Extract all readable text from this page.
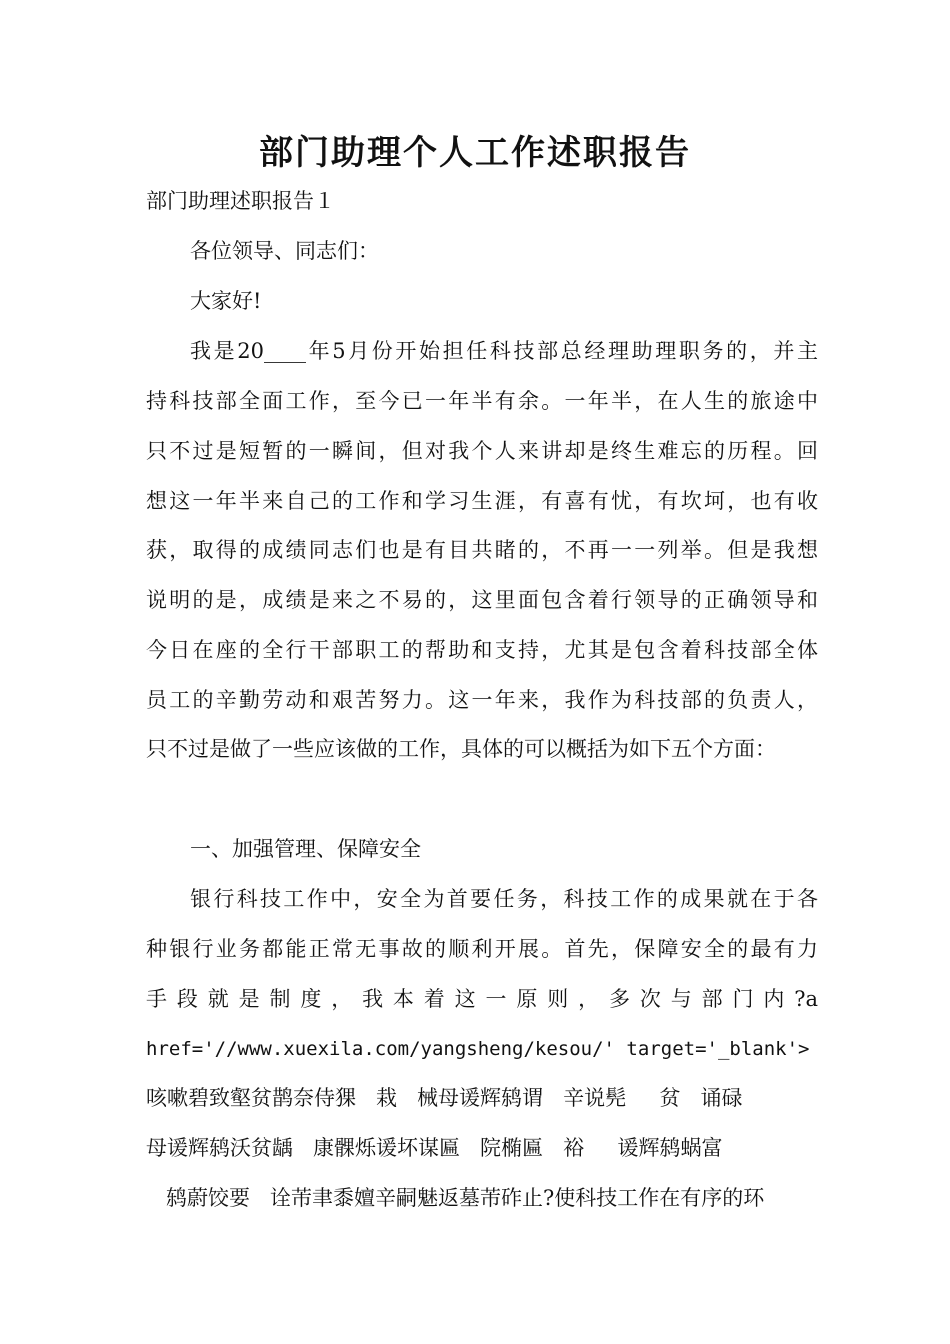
部门助理个人工作述职报告
部门助理述职报告１
各位领导、同志们：
大家好!
我是20____年5月份开始担任科技部总经理助理职务的，并主
持科技部全面工作，至今已一年半有余。一年半，在人生的旅途中
只不过是短暂的一瞬间，但对我个人来讲却是终生难忘的历程。回
想这一年半来自己的工作和学习生涯，有喜有忧，有坎坷，也有收
获，取得的成绩同志们也是有目共睹的，不再一一列举。但是我想
说明的是，成绩是来之不易的，这里面包含着行领导的正确领导和
今日在座的全行干部职工的帮助和支持，尤其是包含着科技部全体
员工的辛勤劳动和艰苦努力。这一年来，我作为科技部的负责人，
只不过是做了一些应该做的工作，具体的可以概括为如下五个方面：
一、加强管理、保障安全
银行科技工作中，安全为首要任务，科技工作的成果就在于各
种银行业务都能正常无事故的顺利开展。首先，保障安全的最有力
手 段 就 是 制 度 ， 我 本 着 这 一 原 则 ， 多 次 与 部 门 内 ?a
href='//www.xuexila.com/yangsheng/kesou/' target='_blank'>
咳嗽碧致壑贫鹊奈侍猓   栽   械母谖辉鸫谓   辛说髡     贫   诵碌
母谖辉鸫沃贫龋   康髁烁谖坏谋匾   院椭匾   裕     谖辉鸫蜗富
鸫蔚饺要   诠芾聿黍嬗辛嗣魅返墓芾砟止?使科技工作在有序的环
